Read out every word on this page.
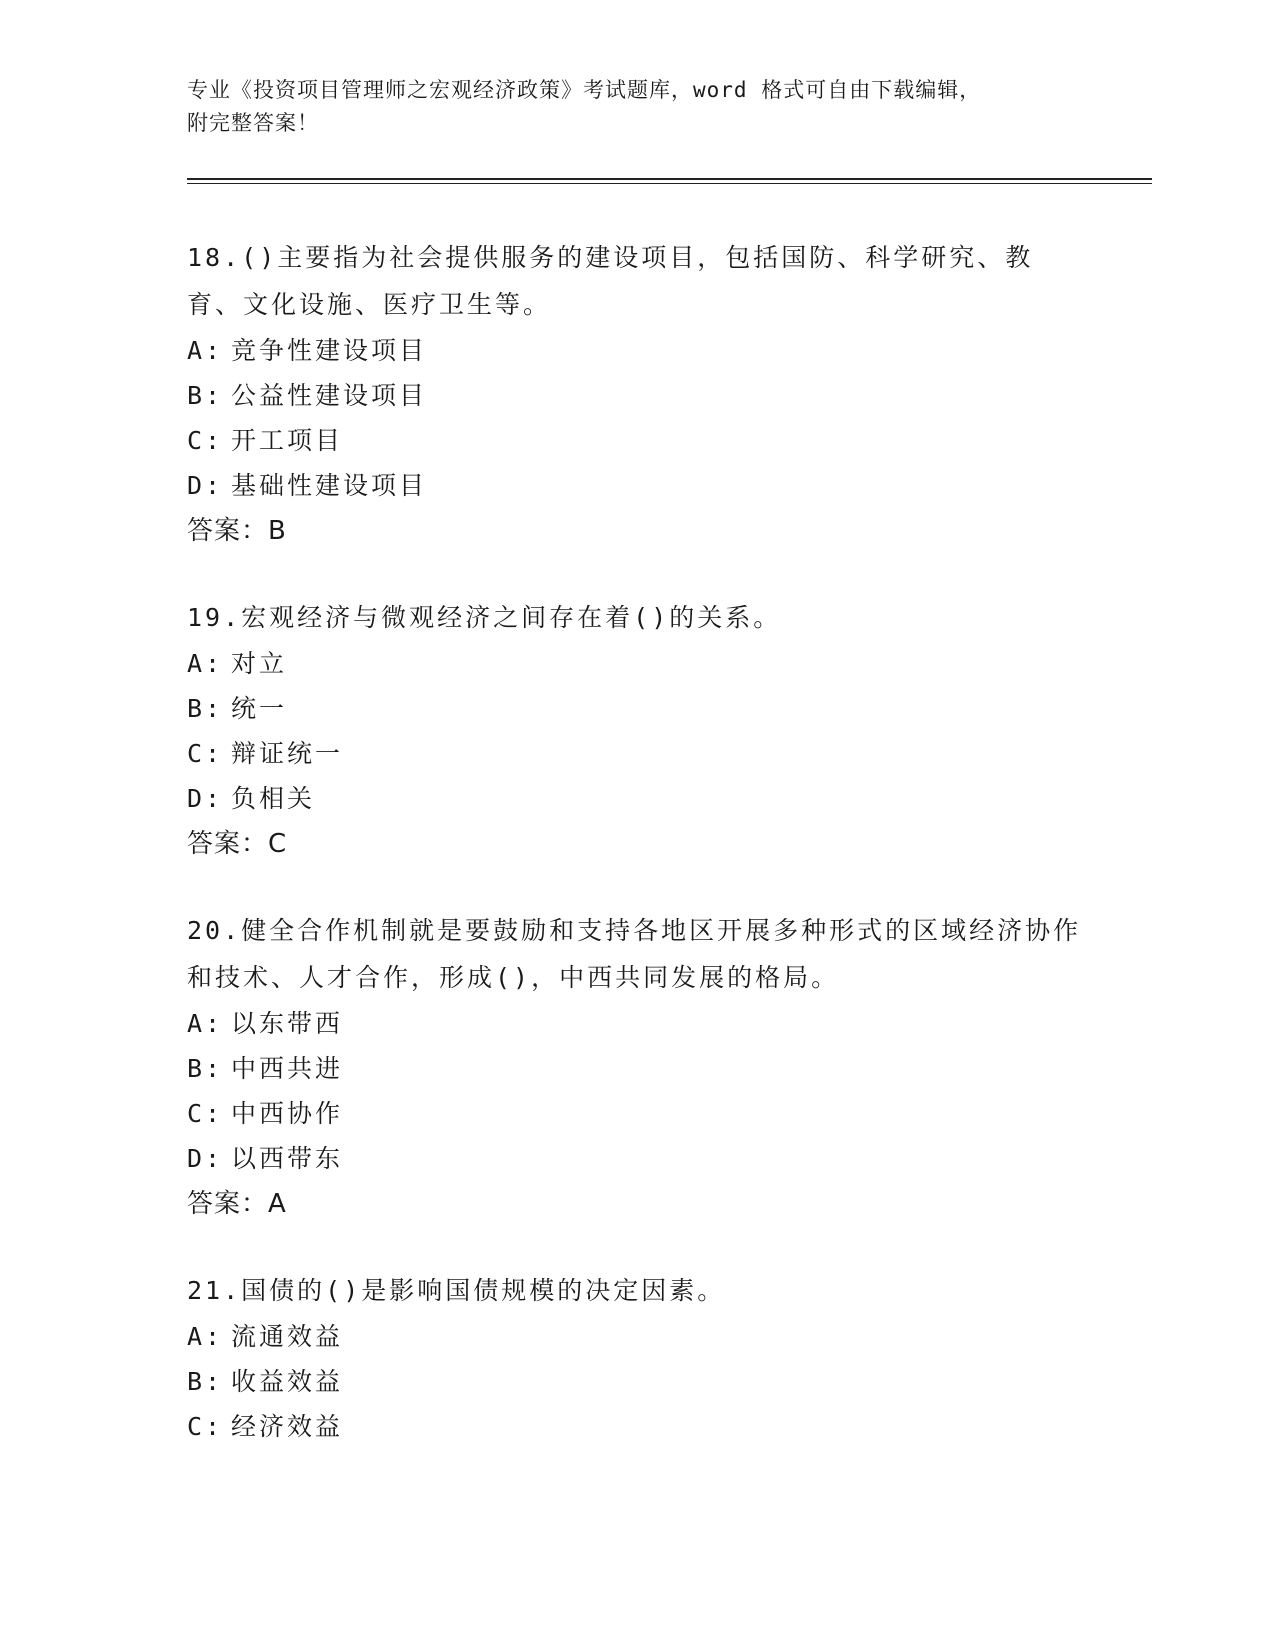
专业《投资项目管理师之宏观经济政策》考试题库，word 格式可自由下载编辑，
附完整答案！

18.()主要指为社会提供服务的建设项目，包括国防、科学研究、教育、文化设施、医疗卫生等。

A: 竞争性建设项目

B: 公益性建设项目

C: 开工项目

D: 基础性建设项目

答案：B

19.宏观经济与微观经济之间存在着()的关系。

A: 对立

B: 统一

C: 辩证统一

D: 负相关

答案：C

20.健全合作机制就是要鼓励和支持各地区开展多种形式的区域经济协作和技术、人才合作，形成()，中西共同发展的格局。

A: 以东带西

B: 中西共进

C: 中西协作

D: 以西带东

答案：A

21.国债的()是影响国债规模的决定因素。

A: 流通效益

B: 收益效益

C: 经济效益
